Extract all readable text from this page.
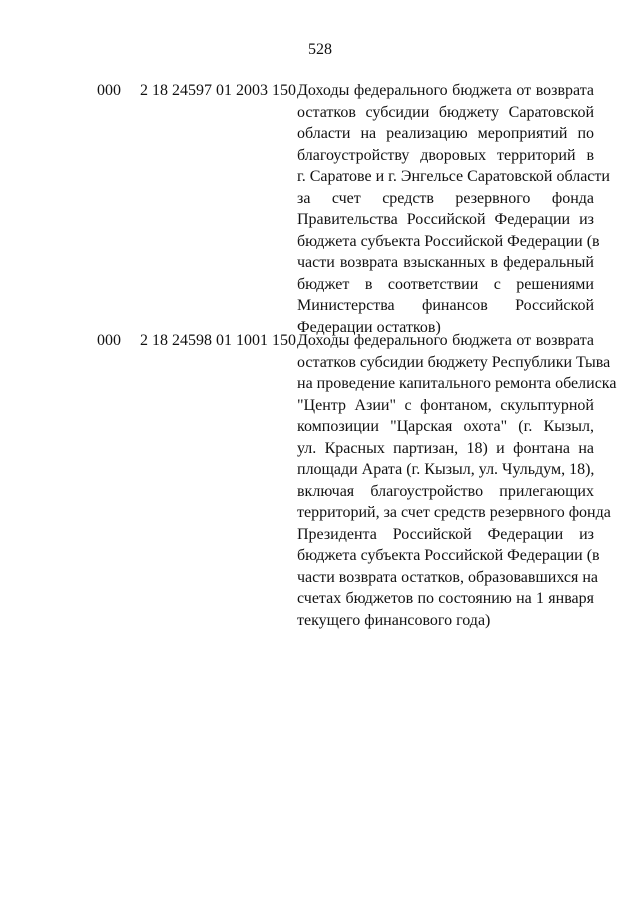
528
000 2 18 24597 01 2003 150 Доходы федерального бюджета от возврата
остатков субсидии бюджету Саратовской
области на реализацию мероприятий по
благоустройству дворовых территорий в
г. Саратове и г. Энгельсе Саратовской области
за счет средств резервного фонда
Правительства Российской Федерации из
бюджета субъекта Российской Федерации (в
части возврата взысканных в федеральный
бюджет в соответствии с решениями
Министерства финансов Российской
Федерации остатков)
000 2 18 24598 01 1001 150 Доходы федерального бюджета от возврата
остатков субсидии бюджету Республики Тыва
на проведение капитального ремонта обелиска
"Центр Азии" с фонтаном, скульптурной
композиции "Царская охота" (г. Кызыл,
ул. Красных партизан, 18) и фонтана на
площади Арата (г. Кызыл, ул. Чульдум, 18),
включая благоустройство прилегающих
территорий, за счет средств резервного фонда
Президента Российской Федерации из
бюджета субъекта Российской Федерации (в
части возврата остатков, образовавшихся на
счетах бюджетов по состоянию на 1 января
текущего финансового года)
